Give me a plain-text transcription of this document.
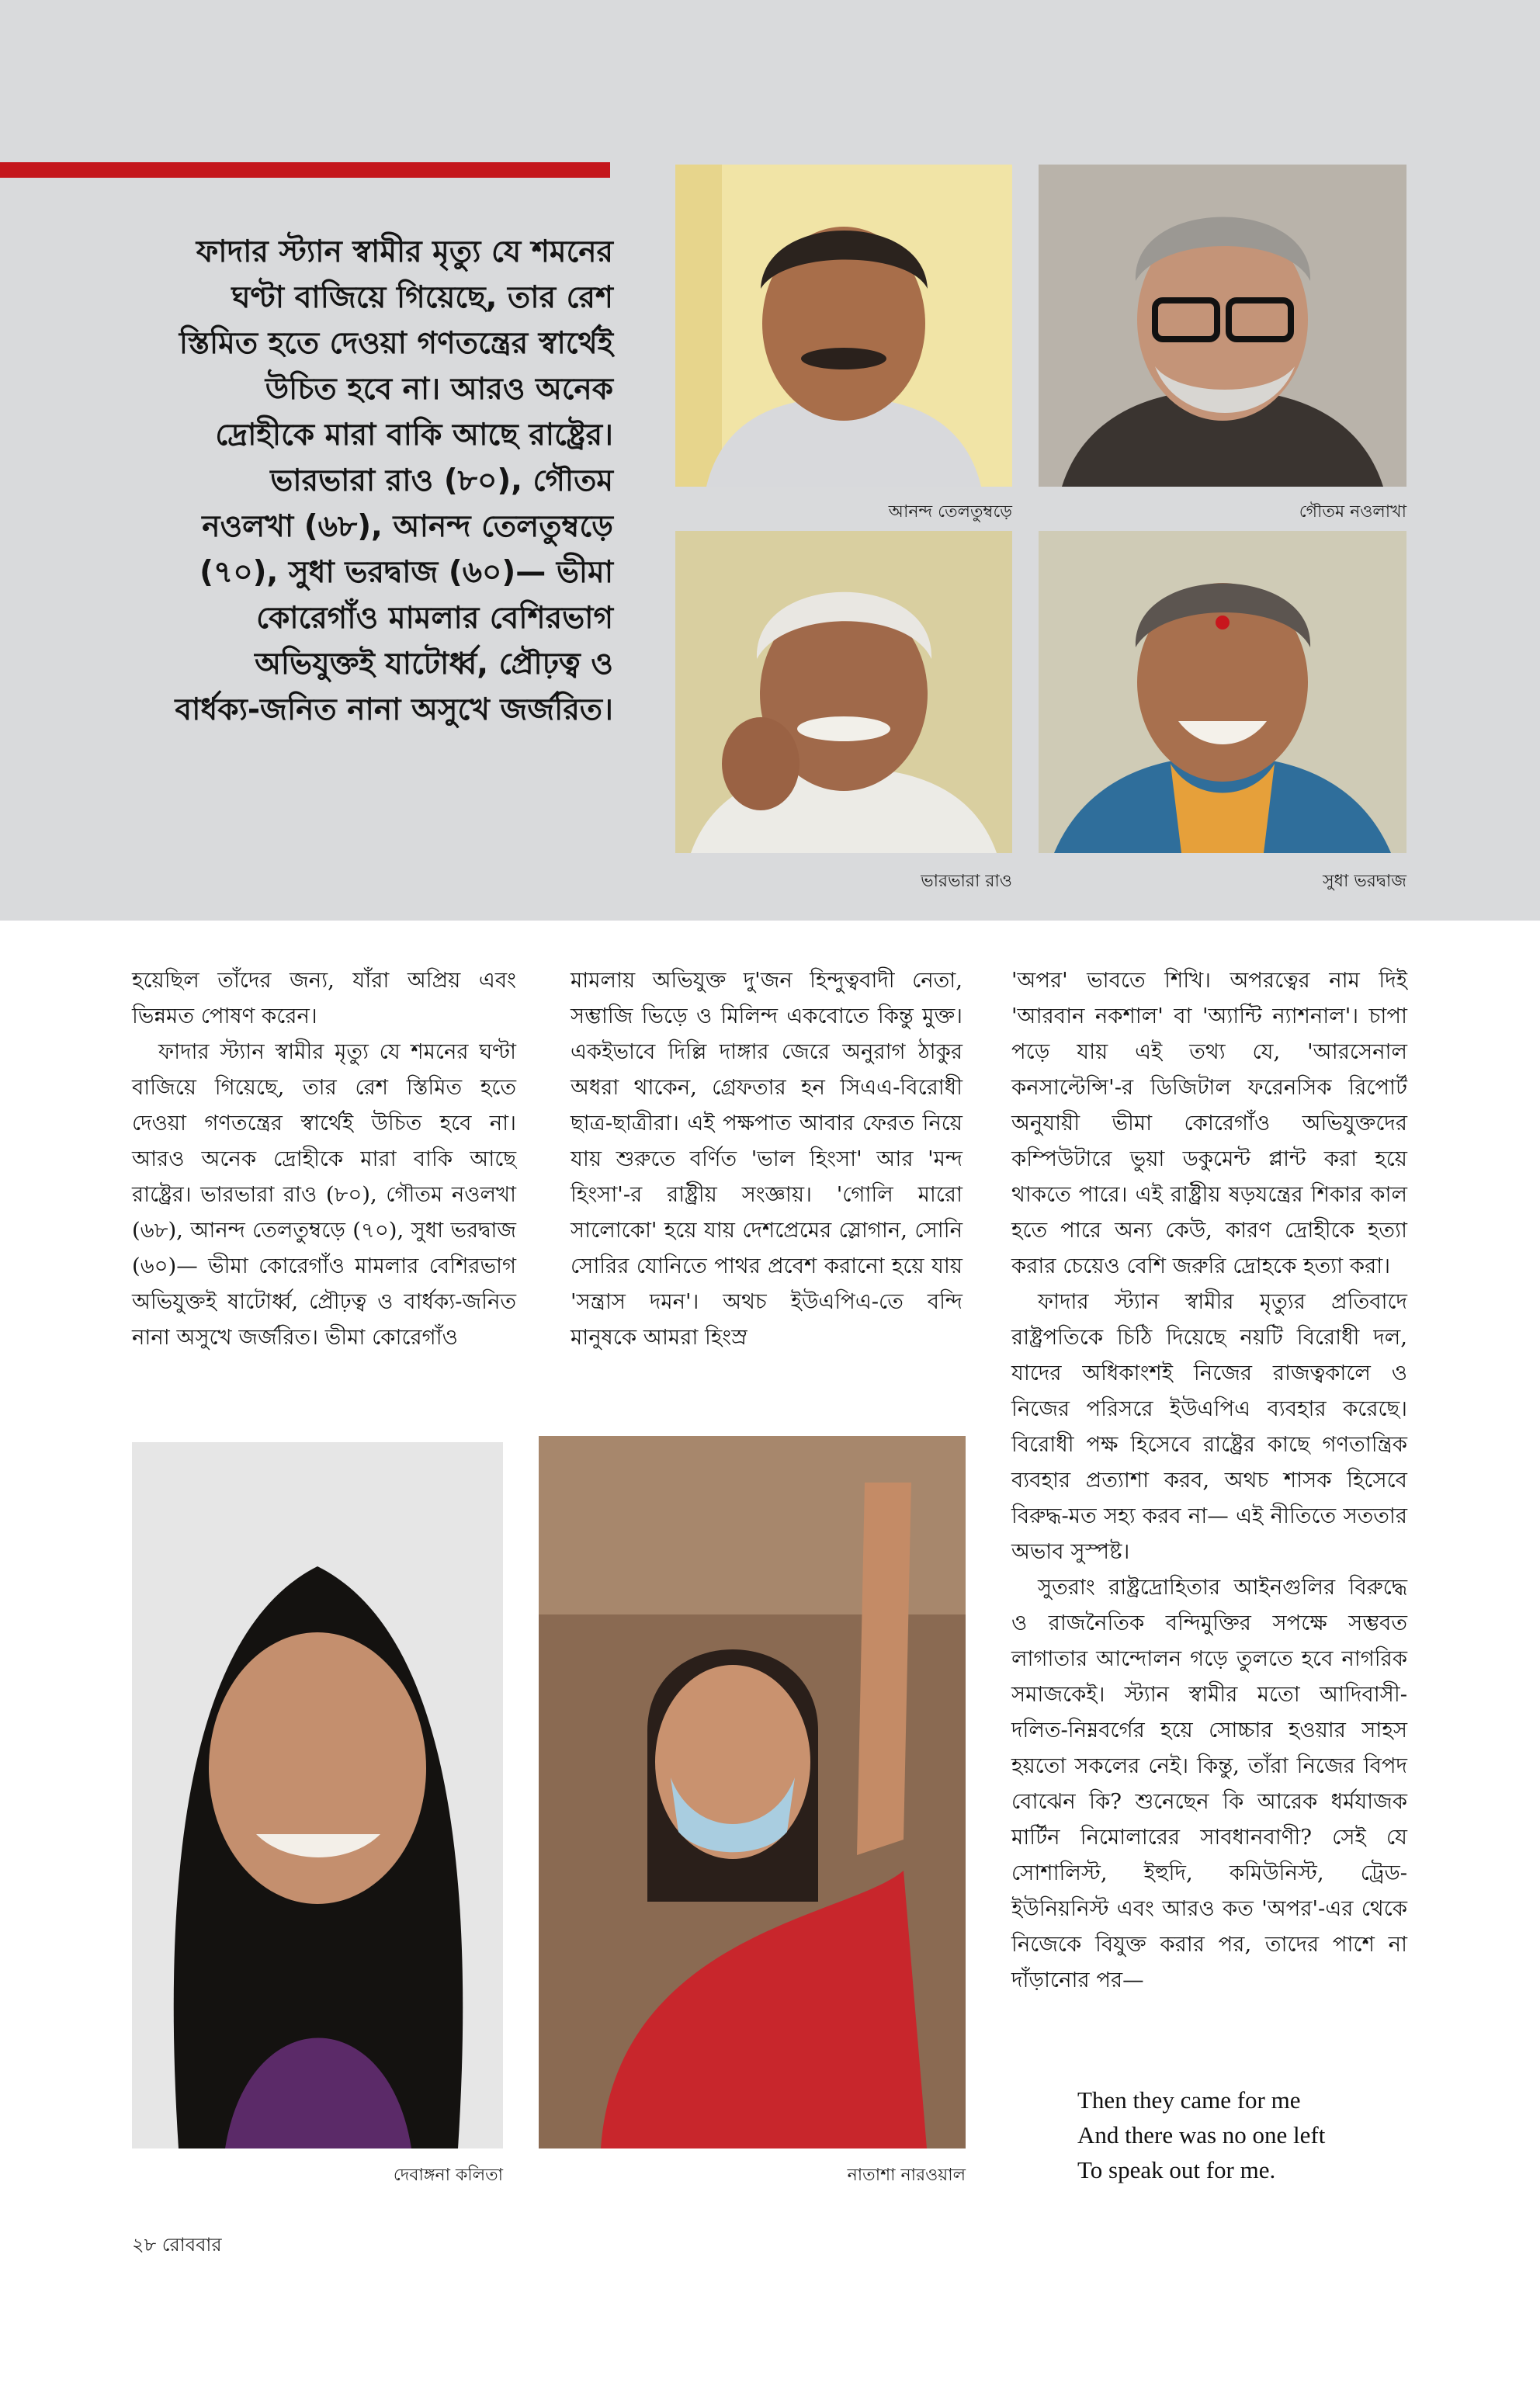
ফাদার স্ট্যান স্বামীর মৃত্যু যে শমনের ঘণ্টা বাজিয়ে গিয়েছে, তার রেশ স্তিমিত হতে দেওয়া গণতন্ত্রের স্বার্থেই উচিত হবে না। আরও অনেক দ্রোহীকে মারা বাকি আছে রাষ্ট্রের। ভারভারা রাও (৮০), গৌতম নওলখা (৬৮), আনন্দ তেলতুম্বড়ে (৭০), সুধা ভরদ্বাজ (৬০)— ভীমা কোরেগাঁও মামলার বেশিরভাগ অভিযুক্তই যাটোর্ধ্ব, প্রৌঢ়ত্ব ও বার্ধক্য-জনিত নানা অসুখে জর্জরিত।
আনন্দ তেলতুম্বড়ে	গৌতম নওলাখা
ভারভারা রাও	সুধা ভরদ্বাজ

হয়েছিল তাঁদের জন্য, যাঁরা অপ্রিয় এবং ভিন্নমত পোষণ করেন।

ফাদার স্ট্যান স্বামীর মৃত্যু যে শমনের ঘণ্টা বাজিয়ে গিয়েছে, তার রেশ স্তিমিত হতে দেওয়া গণতন্ত্রের স্বার্থেই উচিত হবে না। আরও অনেক দ্রোহীকে মারা বাকি আছে রাষ্ট্রের। ভারভারা রাও (৮০), গৌতম নওলখা (৬৮), আনন্দ তেলতুম্বড়ে (৭০), সুধা ভরদ্বাজ (৬০)— ভীমা কোরেগাঁও মামলার বেশিরভাগ অভিযুক্তই ষাটোর্ধ্ব, প্রৌঢ়ত্ব ও বার্ধক্য-জনিত নানা অসুখে জর্জরিত। ভীমা কোরেগাঁও

মামলায় অভিযুক্ত দু'জন হিন্দুত্ববাদী নেতা, সম্ভাজি ভিড়ে ও মিলিন্দ একবোতে কিন্তু মুক্ত। একইভাবে দিল্লি দাঙ্গার জেরে অনুরাগ ঠাকুর অধরা থাকেন, গ্রেফতার হন সিএএ-বিরোধী ছাত্র-ছাত্রীরা। এই পক্ষপাত আবার ফেরত নিয়ে যায় শুরুতে বর্ণিত 'ভাল হিংসা' আর 'মন্দ হিংসা'-র রাষ্ট্রীয় সংজ্ঞায়। 'গোলি মারো সালোকো' হয়ে যায় দেশপ্রেমের স্লোগান, সোনি সোরির যোনিতে পাথর প্রবেশ করানো হয়ে যায় 'সন্ত্রাস দমন'। অথচ ইউএপিএ-তে বন্দি মানুষকে আমরা হিংস্র

'অপর' ভাবতে শিখি। অপরত্বের নাম দিই 'আরবান নকশাল' বা 'অ্যান্টি ন্যাশনাল'। চাপা পড়ে যায় এই তথ্য যে, 'আরসেনাল কনসাল্টেন্সি'-র ডিজিটাল ফরেনসিক রিপোর্ট অনুযায়ী ভীমা কোরেগাঁও অভিযুক্তদের কম্পিউটারে ভুয়া ডকুমেন্ট প্লান্ট করা হয়ে থাকতে পারে। এই রাষ্ট্রীয় ষড়যন্ত্রের শিকার কাল হতে পারে অন্য কেউ, কারণ দ্রোহীকে হত্যা করার চেয়েও বেশি জরুরি দ্রোহকে হত্যা করা।

ফাদার স্ট্যান স্বামীর মৃত্যুর প্রতিবাদে রাষ্ট্রপতিকে চিঠি দিয়েছে নয়টি বিরোধী দল, যাদের অধিকাংশই নিজের রাজত্বকালে ও নিজের পরিসরে ইউএপিএ ব্যবহার করেছে। বিরোধী পক্ষ হিসেবে রাষ্ট্রের কাছে গণতান্ত্রিক ব্যবহার প্রত্যাশা করব, অথচ শাসক হিসেবে বিরুদ্ধ-মত সহ্য করব না— এই নীতিতে সততার অভাব সুস্পষ্ট।

সুতরাং রাষ্ট্রদ্রোহিতার আইনগুলির বিরুদ্ধে ও রাজনৈতিক বন্দিমুক্তির সপক্ষে সম্ভবত লাগাতার আন্দোলন গড়ে তুলতে হবে নাগরিক সমাজকেই। স্ট্যান স্বামীর মতো আদিবাসী-দলিত-নিম্নবর্গের হয়ে সোচ্চার হওয়ার সাহস হয়তো সকলের নেই। কিন্তু, তাঁরা নিজের বিপদ বোঝেন কি? শুনেছেন কি আরেক ধর্মযাজক মার্টিন নিমোলারের সাবধানবাণী? সেই যে সোশালিস্ট, ইহুদি, কমিউনিস্ট, ট্রেড-ইউনিয়নিস্ট এবং আরও কত 'অপর'-এর থেকে নিজেকে বিযুক্ত করার পর, তাদের পাশে না দাঁড়ানোর পর—

দেবাঙ্গনা কলিতা	নাতাশা নারওয়াল
Then they came for me
And there was no one left
To speak out for me.
২৮ রোববার
